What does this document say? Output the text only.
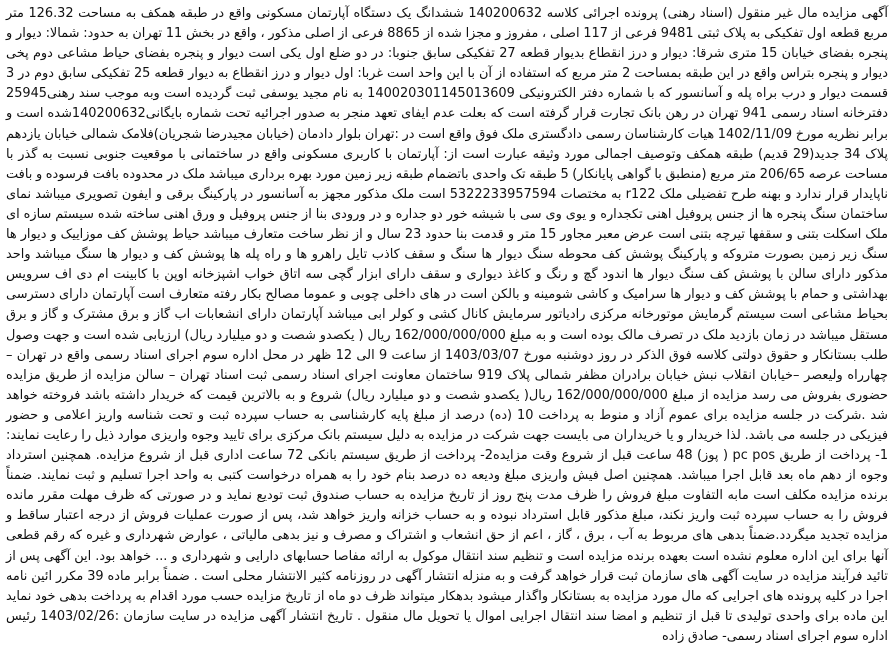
آگهی مزایده مال غیر منقول (اسناد رهنی) پرونده اجرائی کلاسه 140200632 ششدانگ یک دستگاه آپارتمان مسکونی واقع در طبقه همکف به مساحت 126.32 متر مربع قطعه اول تفکیکی به پلاک ثبتی 9481 فرعی از 117 اصلی ، مفروز و مجزا شده از 8865 فرعی از اصلی مذکور ، واقع در بخش 11 تهران به حدود: شمالا: دیوار و پنجره بفضای خیابان 15 متری شرقا: دیوار و درز انقطاع بدیوار قطعه 27 تفکیکی سابق جنوبا: در دو ضلع اول یکی است دیوار و پنجره بفضای حیاط مشاعی دوم پخی دیوار و پنجره بتراس واقع در این طبقه بمساحت 2 متر مربع که استفاده از آن با این واحد است غربا: اول دیوار و درز انقطاع به دیوار قطعه 25 تفکیکی سابق دوم در 3 قسمت دیوار و درب براه پله و آسانسور که با شماره دفتر الکترونیکی 140020301145013609 به نام مجید یوسفی ثبت گردیده است وبه موجب سند رهنی25945 دفترخانه اسناد رسمی 941 تهران در رهن بانک تجارت قرار گرفته است که بعلت عدم ایفای تعهد منجر به صدور اجرائیه تحت شماره بایگانی140200632شده است و برابر نظریه مورخ 1402/11/09 هیات کارشناسان رسمی دادگستری ملک فوق واقع است در :تهران بلوار دادمان (خیابان مجیدرضا شجریان)فلامک شمالی خیابان یازدهم پلاک 34 جدید(29 قدیم) طبقه همکف وتوصیف اجمالی مورد وثیقه عبارت است از: آپارتمان با کاربری مسکونی واقع در ساختمانی با موقعیت جنوبی نسبت به گذر با مساحت عرصه 206/65 متر مربع (منطبق با گواهی پایانکار) 5 طبقه تک واحدی باتضمام طبقه زیر زمین مورد بهره برداری میباشد ملک در محدوده بافت فرسوده و بافت ناپایدار قرار ندارد و بهنه طرح تفضیلی ملک r122 به مختصات 5322233957594 است ملک مذکور مجهز به آسانسور در پارکینگ برقی و ایفون تصویری میباشد نمای ساختمان سنگ پنجره ها از جنس پروفیل اهنی تکجداره و یوی وی سی با شیشه خور دو جداره و در ورودی بنا از جنس پروفیل و ورق اهنی ساخته شده سیستم سازه ای ملک اسکلت بتنی و سقفها تیرچه بتنی است عرض معبر مجاور 15 متر و قدمت بنا حدود 23 سال و از نظر ساخت متعارف میباشد حیاط پوشش کف موزاییک و دیوار ها سنگ زیر زمین بصورت متروکه و پارکینگ پوشش کف محوطه سنگ دیوار ها سنگ و سقف کاذب تایل راهرو ها و راه پله ها پوشش کف و دیوار ها سنگ میباشد واحد مذکور دارای سالن با پوشش کف سنگ دیوار ها اندود گچ و رنگ و کاغذ دیواری و سقف دارای ابزار گچی سه اتاق خواب اشپزخانه اوپن با کابینت ام دی اف سرویس بهداشتی و حمام با پوشش کف و دیوار ها سرامیک و کاشی شومینه و بالکن است در های داخلی چوبی و عموما مصالح بکار رفته متعارف است آپارتمان دارای دسترسی بحیاط مشاعی است سیستم گرمایش موتورخانه مرکزی رادیاتور سرمایش کانال کشی و کولر ابی میباشد آپارتمان دارای انشعابات اب گاز و برق مشترک و گاز و برق مستقل میباشد در زمان بازدید ملک در تصرف مالک بوده است و به مبلغ 162/000/000/000 ریال ( یکصدو شصت و دو میلیارد ریال) ارزیابی شده است و جهت وصول طلب بستانکار و حقوق دولتی کلاسه فوق الذکر در روز دوشنبه مورخ 1403/03/07 از ساعت 9 الی 12 ظهر در محل اداره سوم اجرای اسناد رسمی واقع در تهران – چهارراه ولیعصر –خیابان انقلاب نبش خیابان برادران مظفر شمالی پلاک 919 ساختمان معاونت اجرای اسناد رسمی ثبت اسناد تهران – سالن مزایده از طریق مزایده حضوری بفروش می رسد مزایده از مبلغ 162/000/000/000 ریال( یکصدو شصت و دو میلیارد ریال) شروع و به بالاترین قیمت که خریدار داشته باشد فروخته خواهد شد .شرکت در جلسه مزایده برای عموم آزاد و منوط به پرداخت 10 (ده) درصد از مبلغ پایه کارشناسی به حساب سپرده ثبت و تحت شناسه واریز اعلامی و حضور فیزیکی در جلسه می باشد. لذا خریدار و یا خریداران می بایست جهت شرکت در مزایده به دلیل سیستم بانک مرکزی برای تایید وجوه واریزی موارد ذیل را رعایت نمایند: 1- پرداخت از طریق pc pos ( پوز) 48 ساعت قبل از شروع وقت مزایده2- پرداخت از طریق سیستم بانکی 72 ساعت اداری قبل از شروع مزایده. همچنین استرداد وجوه از دهم ماه بعد قابل اجرا میباشد. همچنین اصل فیش واریزی مبلغ ودیعه ده درصد بنام خود را به همراه درخواست کتبی به واحد اجرا تسلیم و ثبت نمایند. ضمناً برنده مزایده مکلف است مابه التفاوت مبلغ فروش را ظرف مدت پنج روز از تاریخ مزایده به حساب صندوق ثبت تودیع نماید و در صورتی که ظرف مهلت مقرر مانده فروش را به حساب سپرده ثبت واریز نکند، مبلغ مذکور قابل استرداد نبوده و به حساب خزانه واریز خواهد شد، پس از صورت عملیات فروش از درجه اعتبار ساقط و مزایده تجدید میگردد.ضمناً بدهی های مربوط به آب ، برق ، گاز ، اعم از حق انشعاب و اشتراک و مصرف و نیز بدهی مالیاتی ، عوارض شهرداری و غیره که رقم قطعی آنها برای این اداره معلوم نشده است بعهده برنده مزایده است و تنظیم سند انتقال موکول به ارائه مفاصا حسابهای دارایی و شهرداری و ... خواهد بود. این آگهی پس از تائید فرآیند مزایده در سایت آگهی های سازمان ثبت قرار خواهد گرفت و به منزله انتشار آگهی در روزنامه کثیر الانتشار محلی است . ضمناً برابر ماده 39 مکرر ائین نامه اجرا در کلیه پرونده های اجرایی که مال مورد مزایده به بستانکار واگذار میشود بدهکار میتواند ظرف دو ماه از تاریخ مزایده حسب مورد اقدام به پرداخت بدهی خود نماید این ماده برای واحدی تولیدی تا قبل از تنظیم و امضا سند انتقال اجرایی اموال یا تحویل مال منقول . تاریخ انتشار آگهی مزایده در سایت سازمان :1403/02/26 رئیس اداره سوم اجرای اسناد رسمی- صادق زاده
